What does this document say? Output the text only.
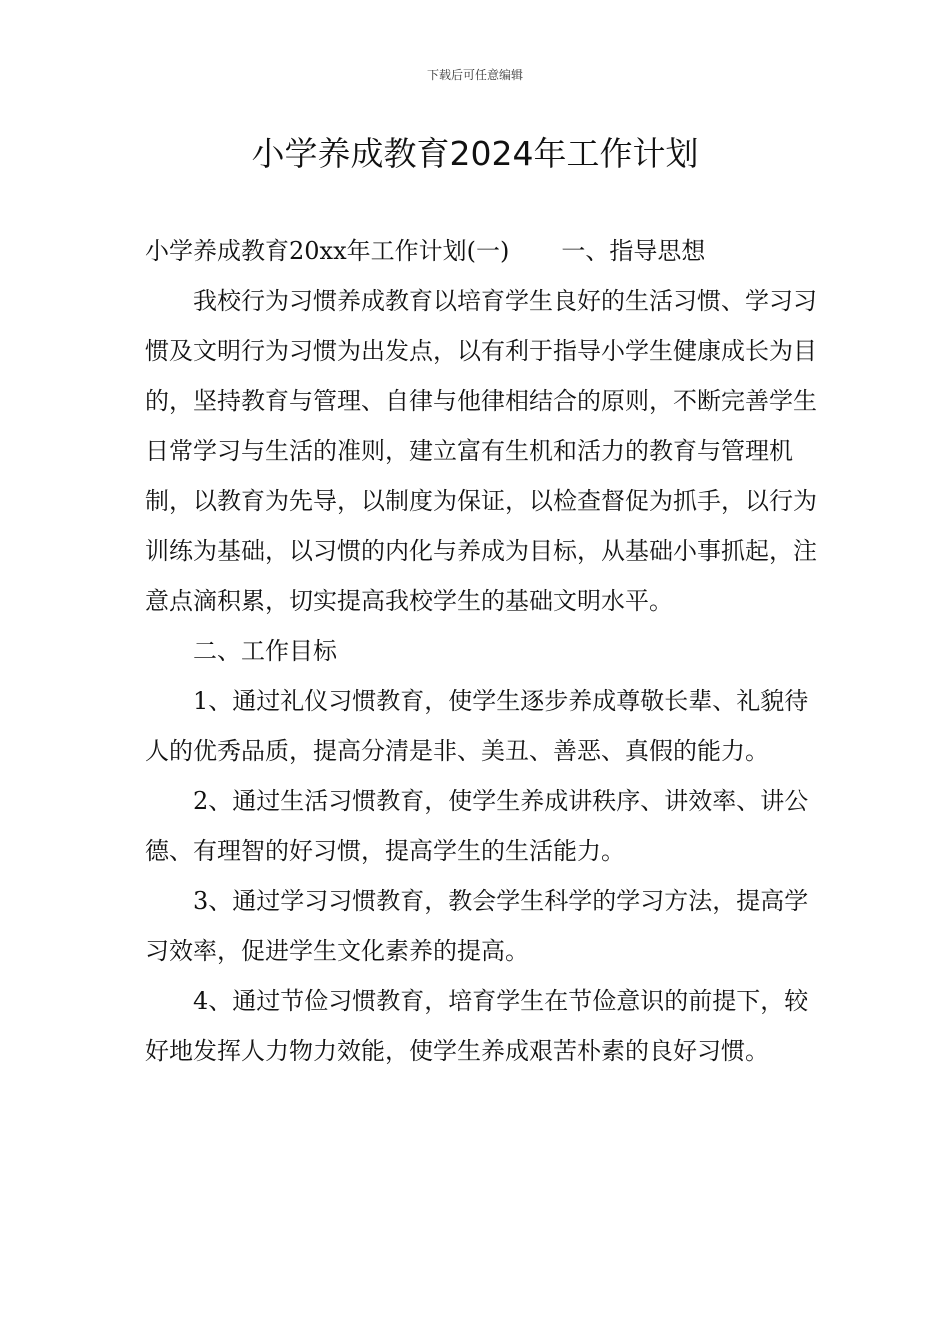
下载后可任意编辑
小学养成教育2024年工作计划

小学养成教育20xx年工作计划(一) 一、指导思想

我校行为习惯养成教育以培育学生良好的生活习惯、学习习惯及文明行为习惯为出发点，以有利于指导小学生健康成长为目的，坚持教育与管理、自律与他律相结合的原则，不断完善学生日常学习与生活的准则，建立富有生机和活力的教育与管理机制，以教育为先导，以制度为保证，以检查督促为抓手，以行为训练为基础，以习惯的内化与养成为目标，从基础小事抓起，注意点滴积累，切实提高我校学生的基础文明水平。

二、工作目标

1、通过礼仪习惯教育，使学生逐步养成尊敬长辈、礼貌待人的优秀品质，提高分清是非、美丑、善恶、真假的能力。

2、通过生活习惯教育，使学生养成讲秩序、讲效率、讲公德、有理智的好习惯，提高学生的生活能力。

3、通过学习习惯教育，教会学生科学的学习方法，提高学习效率，促进学生文化素养的提高。

4、通过节俭习惯教育，培育学生在节俭意识的前提下，较好地发挥人力物力效能，使学生养成艰苦朴素的良好习惯。
